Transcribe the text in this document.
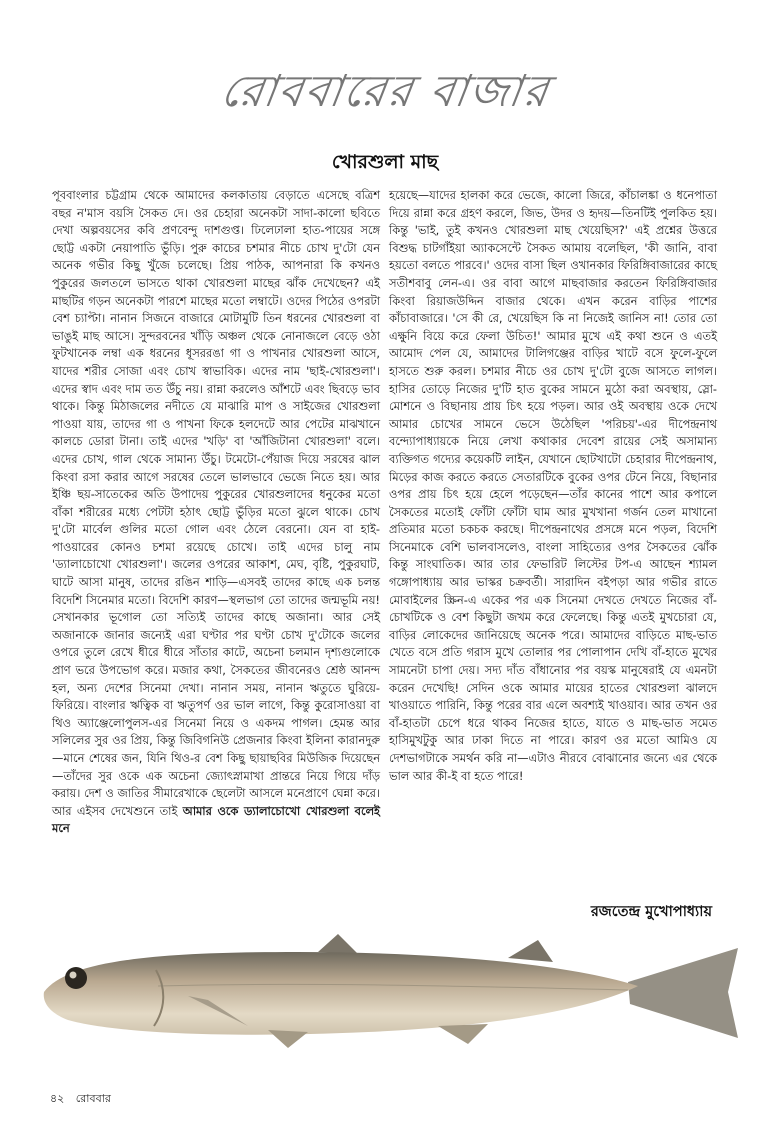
রোববারের বাজার
খোরশুলা মাছ

পূববাংলার চট্টগ্রাম থেকে আমাদের কলকাতায় বেড়াতে এসেছে বত্রিশ বছর ন'মাস বয়সি সৈকত দে। ওর চেহারা অনেকটা সাদা-কালো ছবিতে দেখা অল্পবয়সের কবি প্রণবেন্দু দাশগুপ্ত। ঢিলেঢালা হাত-পায়ের সঙ্গে ছোট্ট একটা নেয়াপাতি ভুঁড়ি। পুরু কাচের চশমার নীচে চোখ দু'টো যেন অনেক গভীর কিছু খুঁজে চলেছে। প্রিয় পাঠক, আপনারা কি কখনও পুকুরের জলতলে ভাসতে থাকা খোরশুলা মাছের ঝাঁক দেখেছেন? এই মাছটির গড়ন অনেকটা পারশে মাছের মতো লম্বাটে। ওদের পিঠের ওপরটা বেশ চ্যাপ্টা। নানান সিজনে বাজারে মোটামুটি তিন ধরনের খোরশুলা বা ভাঙুই মাছ আসে। সুন্দরবনের খাঁড়ি অঞ্চল থেকে নোনাজলে বেড়ে ওঠা ফুটখানেক লম্বা এক ধরনের ধূসররঙা গা ও পাখনার খোরশুলা আসে, যাদের শরীর সোজা এবং চোখ স্বাভাবিক। এদের নাম 'ছাই-খোরশুলা'। এদের স্বাদ এবং দাম তত উঁচু নয়। রান্না করলেও আঁশটে এবং ছিবড়ে ভাব থাকে। কিন্তু মিঠাজলের নদীতে যে মাঝারি মাপ ও সাইজের খোরশুলা পাওয়া যায়, তাদের গা ও পাখনা ফিকে হলদেটে আর পেটের মাঝখানে কালচে ডোরা টানা। তাই এদের 'খড়ি' বা 'আঁজিটানা খোরশুলা' বলে। এদের চোখ, গাল থেকে সামান্য উঁচু। টমেটো-পেঁয়াজ দিয়ে সরষের ঝাল কিংবা রসা করার আগে সরষের তেলে ভালভাবে ভেজে নিতে হয়। আর ইঞ্চি ছয়-সাতেকের অতি উপাদেয় পুকুরের খোরশুলাদের ধনুকের মতো বাঁকা শরীরের মধ্যে পেটটা হঠাৎ ছোট্ট ভুঁড়ির মতো ঝুলে থাকে। চোখ দু'টো মার্বেল গুলির মতো গোল এবং ঠেলে বেরনো। যেন বা হাই-পাওয়ারের কোনও চশমা রয়েছে চোখে। তাই এদের চালু নাম 'ড্যালাচোখো খোরশুলা'। জলের ওপরের আকাশ, মেঘ, বৃষ্টি, পুকুরঘাট, ঘাটে আসা মানুষ, তাদের রঙিন শাড়ি—এসবই তাদের কাছে এক চলন্ত বিদেশি সিনেমার মতো। বিদেশি কারণ—স্থলভাগ তো তাদের জন্মভূমি নয়! সেখানকার ভূগোল তো সত্যিই তাদের কাছে অজানা। আর সেই অজানাকে জানার জন্যেই এরা ঘণ্টার পর ঘণ্টা চোখ দু'টোকে জলের ওপরে তুলে রেখে ধীরে ধীরে সাঁতার কাটে, অচেনা চলমান দৃশ্যগুলোকে প্রাণ ভরে উপভোগ করে। মজার কথা, সৈকতের জীবনেরও শ্রেষ্ঠ আনন্দ হল, অন্য দেশের সিনেমা দেখা। নানান সময়, নানান ঋতুতে ঘুরিয়ে-ফিরিয়ে। বাংলার ঋত্বিক বা ঋতুপর্ণ ওর ভাল লাগে, কিন্তু কুরোসাওয়া বা থিও অ্যাঞ্জেলোপুলস-এর সিনেমা নিয়ে ও একদম পাগল। হেমন্ত আর সলিলের সুর ওর প্রিয়, কিন্তু জিবিগনিউ প্রেজনার কিংবা ইলিনা কারানদুরু—মানে শেষের জন, যিনি থিও-র বেশ কিছু ছায়াছবির মিউজিক দিয়েছেন—তাঁদের সুর ওকে এক অচেনা জ্যোৎস্নামাখা প্রান্তরে নিয়ে গিয়ে দাঁড় করায়। দেশ ও জাতির সীমারেখাকে ছেলেটা আসলে মনেপ্রাণে ঘেন্না করে। আর এইসব দেখেশুনে তাই আমার ওকে ড্যালাচোখো খোরশুলা বলেই মনে

হয়েছে—যাদের হালকা করে ভেজে, কালো জিরে, কাঁচালঙ্কা ও ধনেপাতা দিয়ে রান্না করে গ্রহণ করলে, জিভ, উদর ও হৃদয়—তিনটিই পুলকিত হয়। কিন্তু 'ভাই, তুই কখনও খোরশুলা মাছ খেয়েছিস?' এই প্রশ্নের উত্তরে বিশুদ্ধ চাটগাঁইয়া অ্যাকসেন্টে সৈকত আমায় বলেছিল, 'কী জানি, বাবা হয়তো বলতে পারবে।' ওদের বাসা ছিল ওখানকার ফিরিঙ্গিবাজারের কাছে সতীশবাবু লেন-এ। ওর বাবা আগে মাছবাজার করতেন ফিরিঙ্গিবাজার কিংবা রিয়াজউদ্দিন বাজার থেকে। এখন করেন বাড়ির পাশের কাঁচাবাজারে। 'সে কী রে, খেয়েছিস কি না নিজেই জানিস না! তোর তো এক্ষুনি বিয়ে করে ফেলা উচিত!' আমার মুখে এই কথা শুনে ও এতই আমোদ পেল যে, আমাদের টালিগঞ্জের বাড়ির খাটে বসে ফুলে-ফুলে হাসতে শুরু করল। চশমার নীচে ওর চোখ দু'টো বুজে আসতে লাগল। হাসির তোড়ে নিজের দু'টি হাত বুকের সামনে মুঠো করা অবস্থায়, স্লো-মোশনে ও বিছানায় প্রায় চিৎ হয়ে পড়ল। আর ওই অবস্থায় ওকে দেখে আমার চোখের সামনে ভেসে উঠেছিল 'পরিচয়'-এর দীপেন্দ্রনাথ বন্দ্যোপাধ্যায়কে নিয়ে লেখা কথাকার দেবেশ রায়ের সেই অসামান্য ব্যক্তিগত গদ্যের কয়েকটি লাইন, যেখানে ছোটখাটো চেহারার দীপেন্দ্রনাথ, মিড়ের কাজ করতে করতে সেতারটিকে বুকের ওপর টেনে নিয়ে, বিছানার ওপর প্রায় চিৎ হয়ে হেলে পড়েছেন—তাঁর কানের পাশে আর কপালে সৈকতের মতোই ফোঁটা ফোঁটা ঘাম আর মুখখানা গর্জন তেল মাখানো প্রতিমার মতো চকচক করছে। দীপেন্দ্রনাথের প্রসঙ্গে মনে পড়ল, বিদেশি সিনেমাকে বেশি ভালবাসলেও, বাংলা সাহিত্যের ওপর সৈকতের ঝোঁক কিন্তু সাংঘাতিক। আর তার ফেভারিট লিস্টের টপ-এ আছেন শ্যামল গঙ্গোপাধ্যায় আর ভাস্কর চক্রবর্তী। সারাদিন বইপড়া আর গভীর রাতে মোবাইলের স্ক্রিন-এ একের পর এক সিনেমা দেখতে দেখতে নিজের বাঁ-চোখটিকে ও বেশ কিছুটা জখম করে ফেলেছে। কিন্তু এতই মুখচোরা যে, বাড়ির লোকেদের জানিয়েছে অনেক পরে। আমাদের বাড়িতে মাছ-ভাত খেতে বসে প্রতি গরাস মুখে তোলার পর পোলাপান দেখি বাঁ-হাতে মুখের সামনেটা চাপা দেয়। সদ্য দাঁত বাঁধানোর পর বয়স্ক মানুষেরাই যে এমনটা করেন দেখেছি! সেদিন ওকে আমার মায়ের হাতের খোরশুলা ঝালদে খাওয়াতে পারিনি, কিন্তু পরের বার এলে অবশ্যই খাওয়াব। আর তখন ওর বাঁ-হাতটা চেপে ধরে থাকব নিজের হাতে, যাতে ও মাছ-ভাত সমেত হাসিমুখটুকু আর ঢাকা দিতে না পারে। কারণ ওর মতো আমিও যে দেশভাগটাকে সমর্থন করি না—এটাও নীরবে বোঝানোর জন্যে এর থেকে ভাল আর কী-ই বা হতে পারে!

রজতেন্দ্র মুখোপাধ্যায়
৪২ রোববার
